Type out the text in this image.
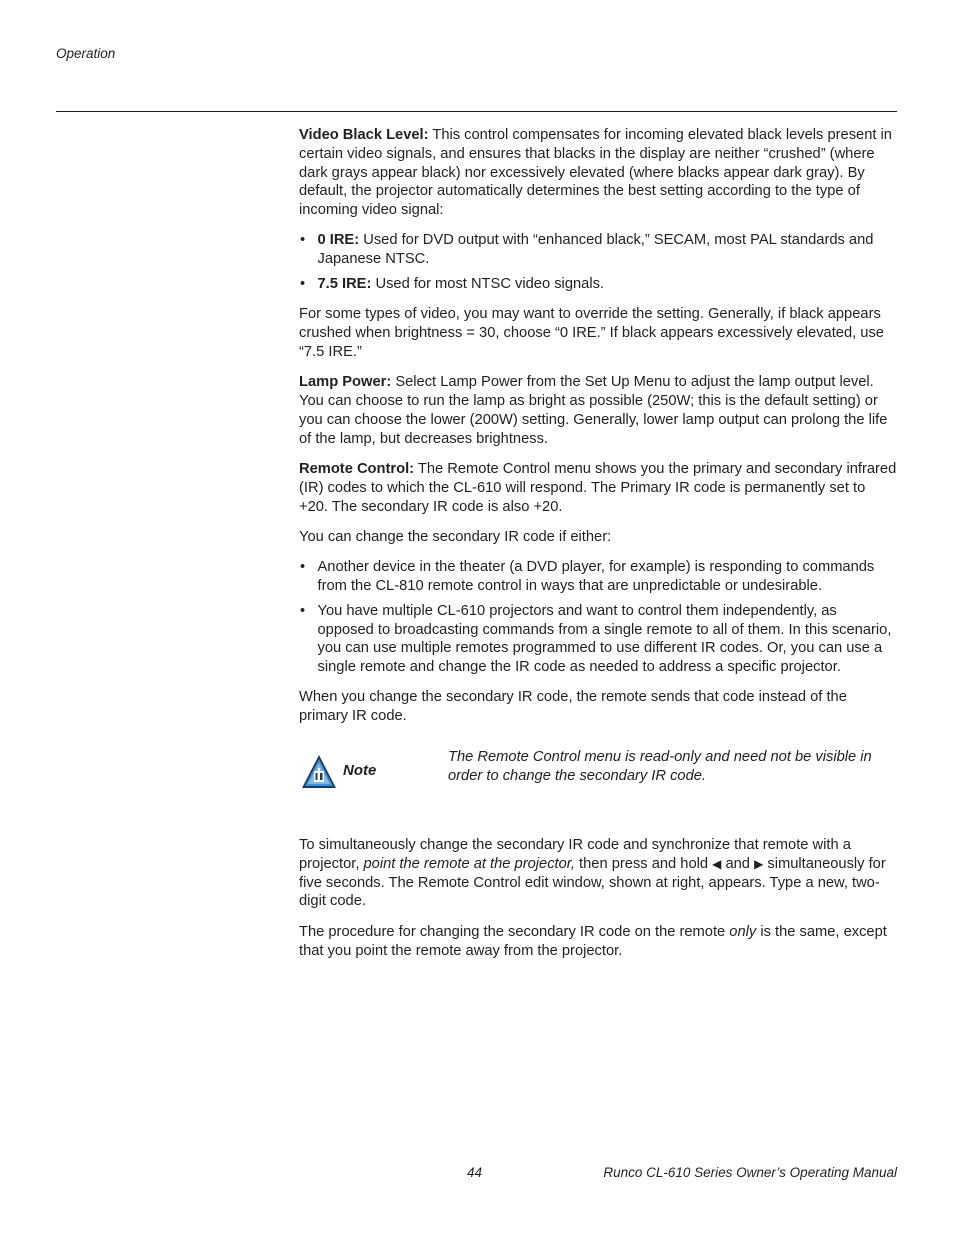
Operation

Video Black Level: This control compensates for incoming elevated black levels present in certain video signals, and ensures that blacks in the display are neither “crushed” (where dark grays appear black) nor excessively elevated (where blacks appear dark gray). By default, the projector automatically determines the best setting according to the type of incoming video signal:

• 0 IRE: Used for DVD output with “enhanced black,” SECAM, most PAL standards and Japanese NTSC.
• 7.5 IRE: Used for most NTSC video signals.

For some types of video, you may want to override the setting. Generally, if black appears crushed when brightness = 30, choose “0 IRE.” If black appears excessively elevated, use “7.5 IRE.”

Lamp Power: Select Lamp Power from the Set Up Menu to adjust the lamp output level. You can choose to run the lamp as bright as possible (250W; this is the default setting) or you can choose the lower (200W) setting. Generally, lower lamp output can prolong the life of the lamp, but decreases brightness.

Remote Control: The Remote Control menu shows you the primary and secondary infrared (IR) codes to which the CL-610 will respond. The Primary IR code is permanently set to +20. The secondary IR code is also +20.

You can change the secondary IR code if either:

• Another device in the theater (a DVD player, for example) is responding to commands from the CL-810 remote control in ways that are unpredictable or undesirable.
• You have multiple CL-610 projectors and want to control them independently, as opposed to broadcasting commands from a single remote to all of them. In this scenario, you can use multiple remotes programmed to use different IR codes. Or, you can use a single remote and change the IR code as needed to address a specific projector.

When you change the secondary IR code, the remote sends that code instead of the primary IR code.

Note
The Remote Control menu is read-only and need not be visible in order to change the secondary IR code.

To simultaneously change the secondary IR code and synchronize that remote with a projector, point the remote at the projector, then press and hold ◀ and ▶ simultaneously for five seconds. The Remote Control edit window, shown at right, appears. Type a new, two-digit code.

The procedure for changing the secondary IR code on the remote only is the same, except that you point the remote away from the projector.

44	Runco CL-610 Series Owner’s Operating Manual
